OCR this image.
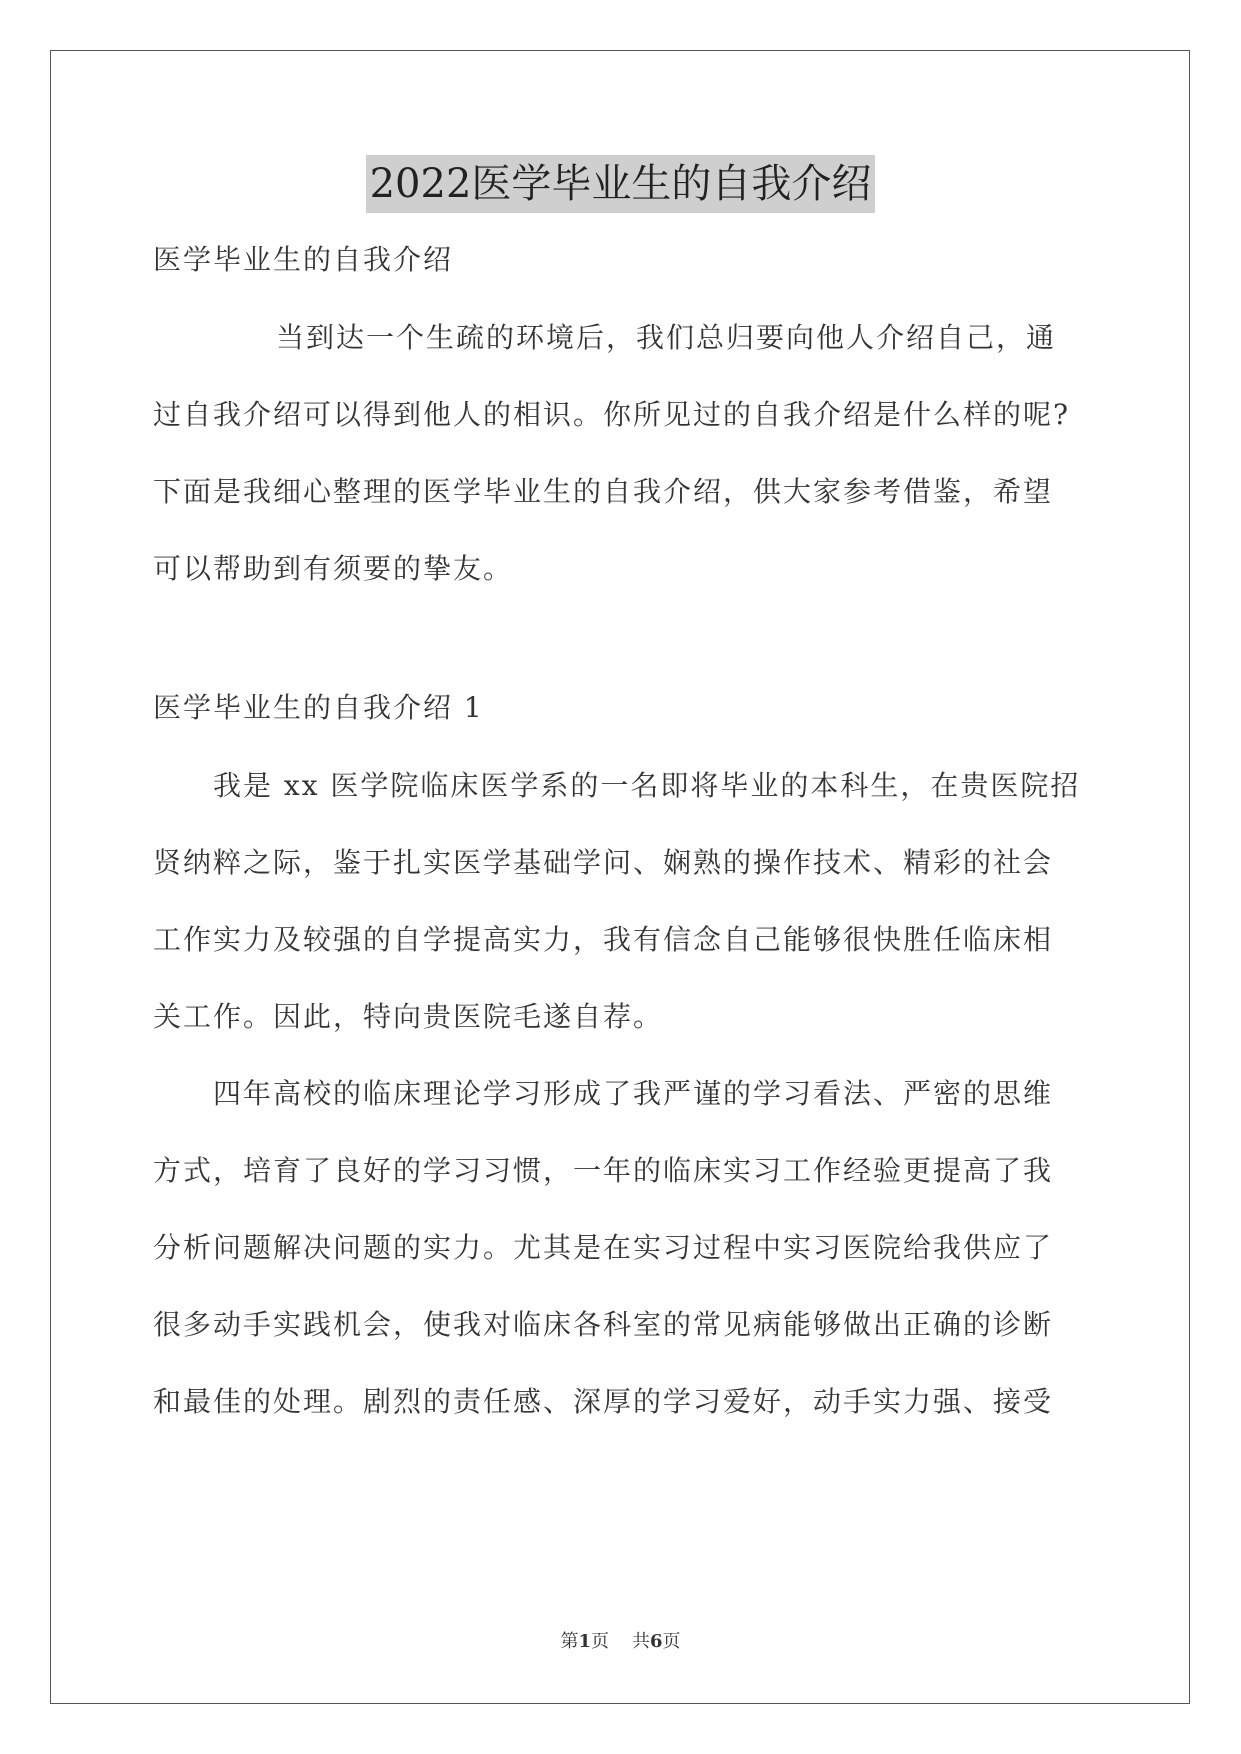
2022医学毕业生的自我介绍
医学毕业生的自我介绍
当到达一个生疏的环境后，我们总归要向他人介绍自己，通
过自我介绍可以得到他人的相识。你所见过的自我介绍是什么样的呢?
下面是我细心整理的医学毕业生的自我介绍，供大家参考借鉴，希望
可以帮助到有须要的挚友。
医学毕业生的自我介绍 1
我是 xx 医学院临床医学系的一名即将毕业的本科生，在贵医院招
贤纳粹之际，鉴于扎实医学基础学问、娴熟的操作技术、精彩的社会
工作实力及较强的自学提高实力，我有信念自己能够很快胜任临床相
关工作。因此，特向贵医院毛遂自荐。
四年高校的临床理论学习形成了我严谨的学习看法、严密的思维
方式，培育了良好的学习习惯，一年的临床实习工作经验更提高了我
分析问题解决问题的实力。尤其是在实习过程中实习医院给我供应了
很多动手实践机会，使我对临床各科室的常见病能够做出正确的诊断
和最佳的处理。剧烈的责任感、深厚的学习爱好，动手实力强、接受
第1页 共6页
